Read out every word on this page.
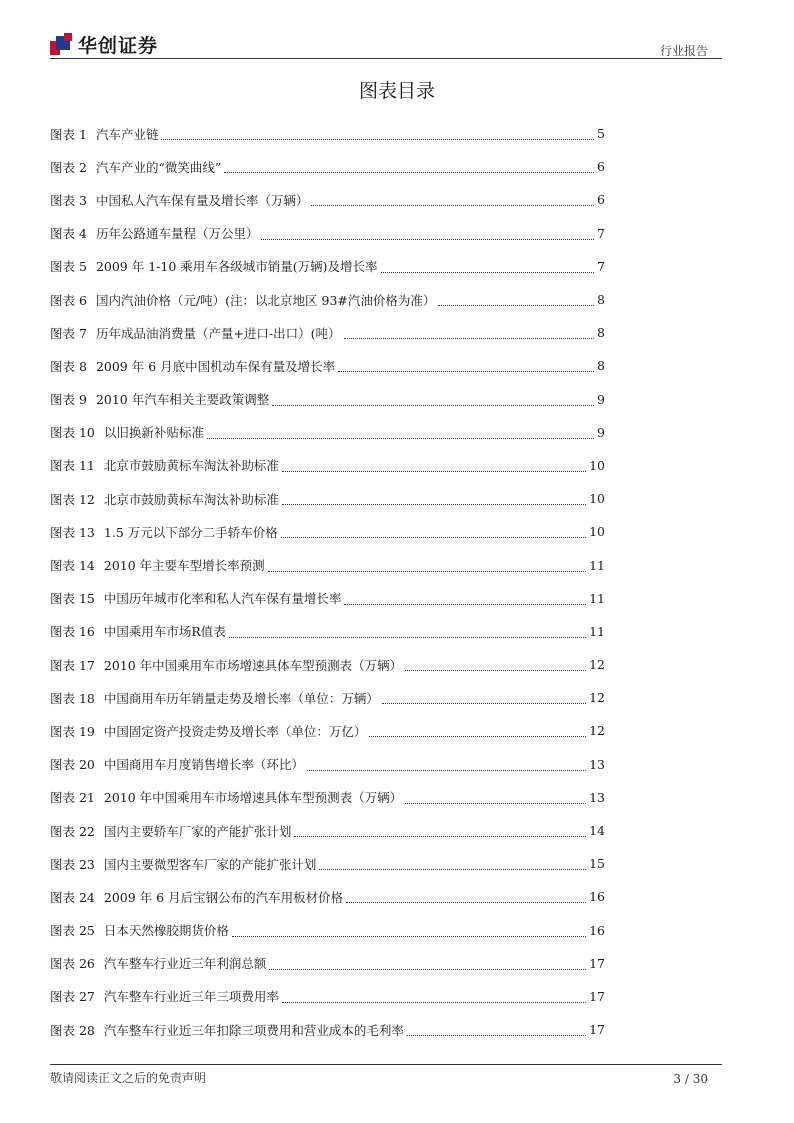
华创证券	行业报告
图表目录
图表 1 汽车产业链	5
图表 2 汽车产业的“微笑曲线”	6
图表 3 中国私人汽车保有量及增长率（万辆）	6
图表 4 历年公路通车量程（万公里）	7
图表 5 2009 年 1-10 乘用车各级城市销量(万辆)及增长率	7
图表 6 国内汽油价格（元/吨）(注：以北京地区 93#汽油价格为准）	8
图表 7 历年成品油消费量（产量+进口-出口）(吨）	8
图表 8 2009 年 6 月底中国机动车保有量及增长率	8
图表 9 2010 年汽车相关主要政策调整	9
图表 10 以旧换新补贴标准	9
图表 11 北京市鼓励黄标车淘汰补助标准	10
图表 12 北京市鼓励黄标车淘汰补助标准	10
图表 13 1.5 万元以下部分二手轿车价格	10
图表 14 2010 年主要车型增长率预测	11
图表 15 中国历年城市化率和私人汽车保有量增长率	11
图表 16 中国乘用车市场R值表	11
图表 17 2010 年中国乘用车市场增速具体车型预测表（万辆）	12
图表 18 中国商用车历年销量走势及增长率（单位：万辆）	12
图表 19 中国固定资产投资走势及增长率（单位：万亿）	12
图表 20 中国商用车月度销售增长率（环比）	13
图表 21 2010 年中国乘用车市场增速具体车型预测表（万辆）	13
图表 22 国内主要轿车厂家的产能扩张计划	14
图表 23 国内主要微型客车厂家的产能扩张计划	15
图表 24 2009 年 6 月后宝钢公布的汽车用板材价格	16
图表 25 日本天然橡胶期货价格	16
图表 26 汽车整车行业近三年利润总额	17
图表 27 汽车整车行业近三年三项费用率	17
图表 28 汽车整车行业近三年扣除三项费用和营业成本的毛利率	17
敬请阅读正文之后的免责声明	3 / 30
